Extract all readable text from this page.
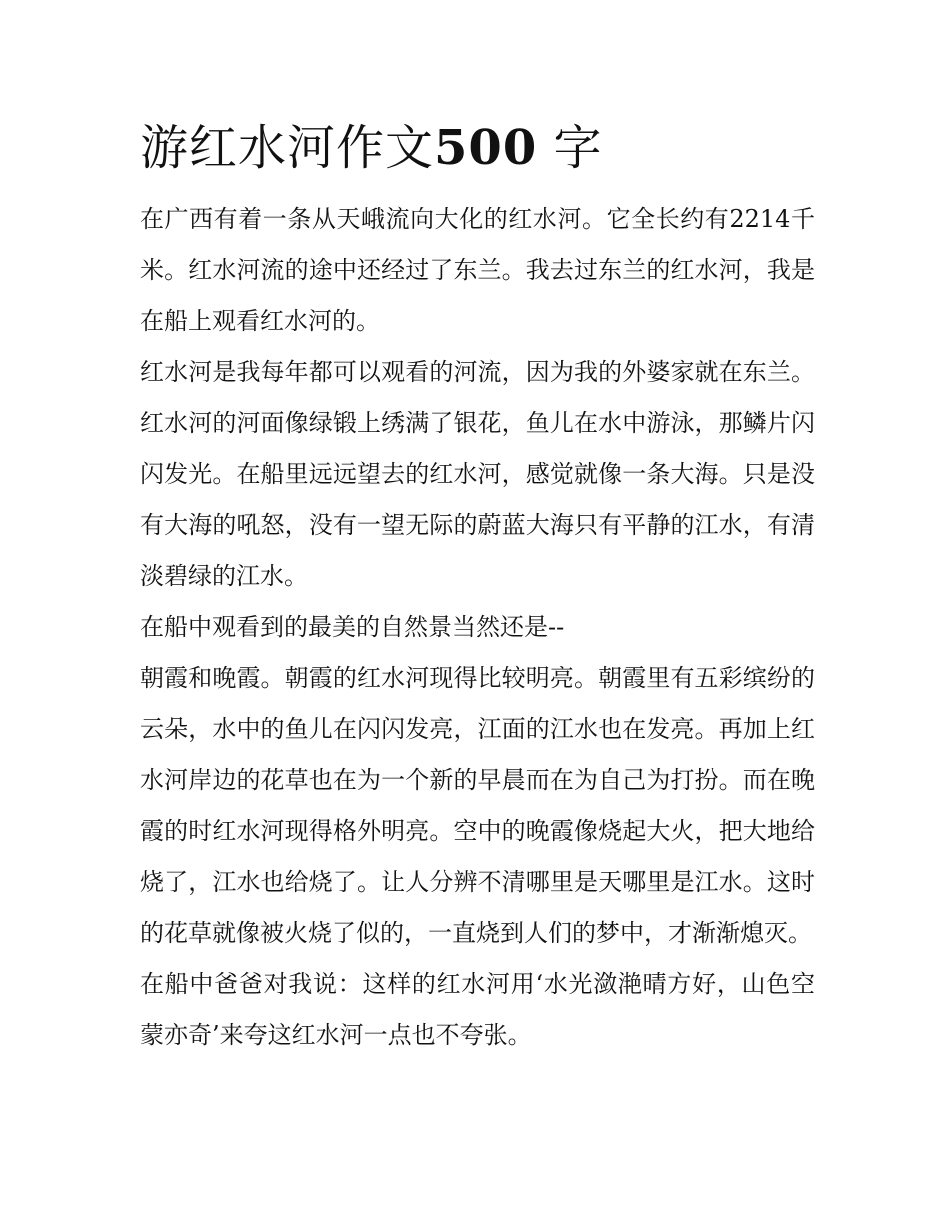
游红水河作文500 字

在广西有着一条从天峨流向大化的红水河。它全长约有2214千米。红水河流的途中还经过了东兰。我去过东兰的红水河，我是在船上观看红水河的。

红水河是我每年都可以观看的河流，因为我的外婆家就在东兰。红水河的河面像绿锻上绣满了银花，鱼儿在水中游泳，那鳞片闪闪发光。在船里远远望去的红水河，感觉就像一条大海。只是没有大海的吼怒，没有一望无际的蔚蓝大海只有平静的江水，有清淡碧绿的江水。

在船中观看到的最美的自然景当然还是--

朝霞和晚霞。朝霞的红水河现得比较明亮。朝霞里有五彩缤纷的云朵，水中的鱼儿在闪闪发亮，江面的江水也在发亮。再加上红水河岸边的花草也在为一个新的早晨而在为自己为打扮。而在晚霞的时红水河现得格外明亮。空中的晚霞像烧起大火，把大地给烧了，江水也给烧了。让人分辨不清哪里是天哪里是江水。这时的花草就像被火烧了似的，一直烧到人们的梦中，才渐渐熄灭。

在船中爸爸对我说：这样的红水河用‘水光潋滟晴方好，山色空蒙亦奇’来夸这红水河一点也不夸张。
